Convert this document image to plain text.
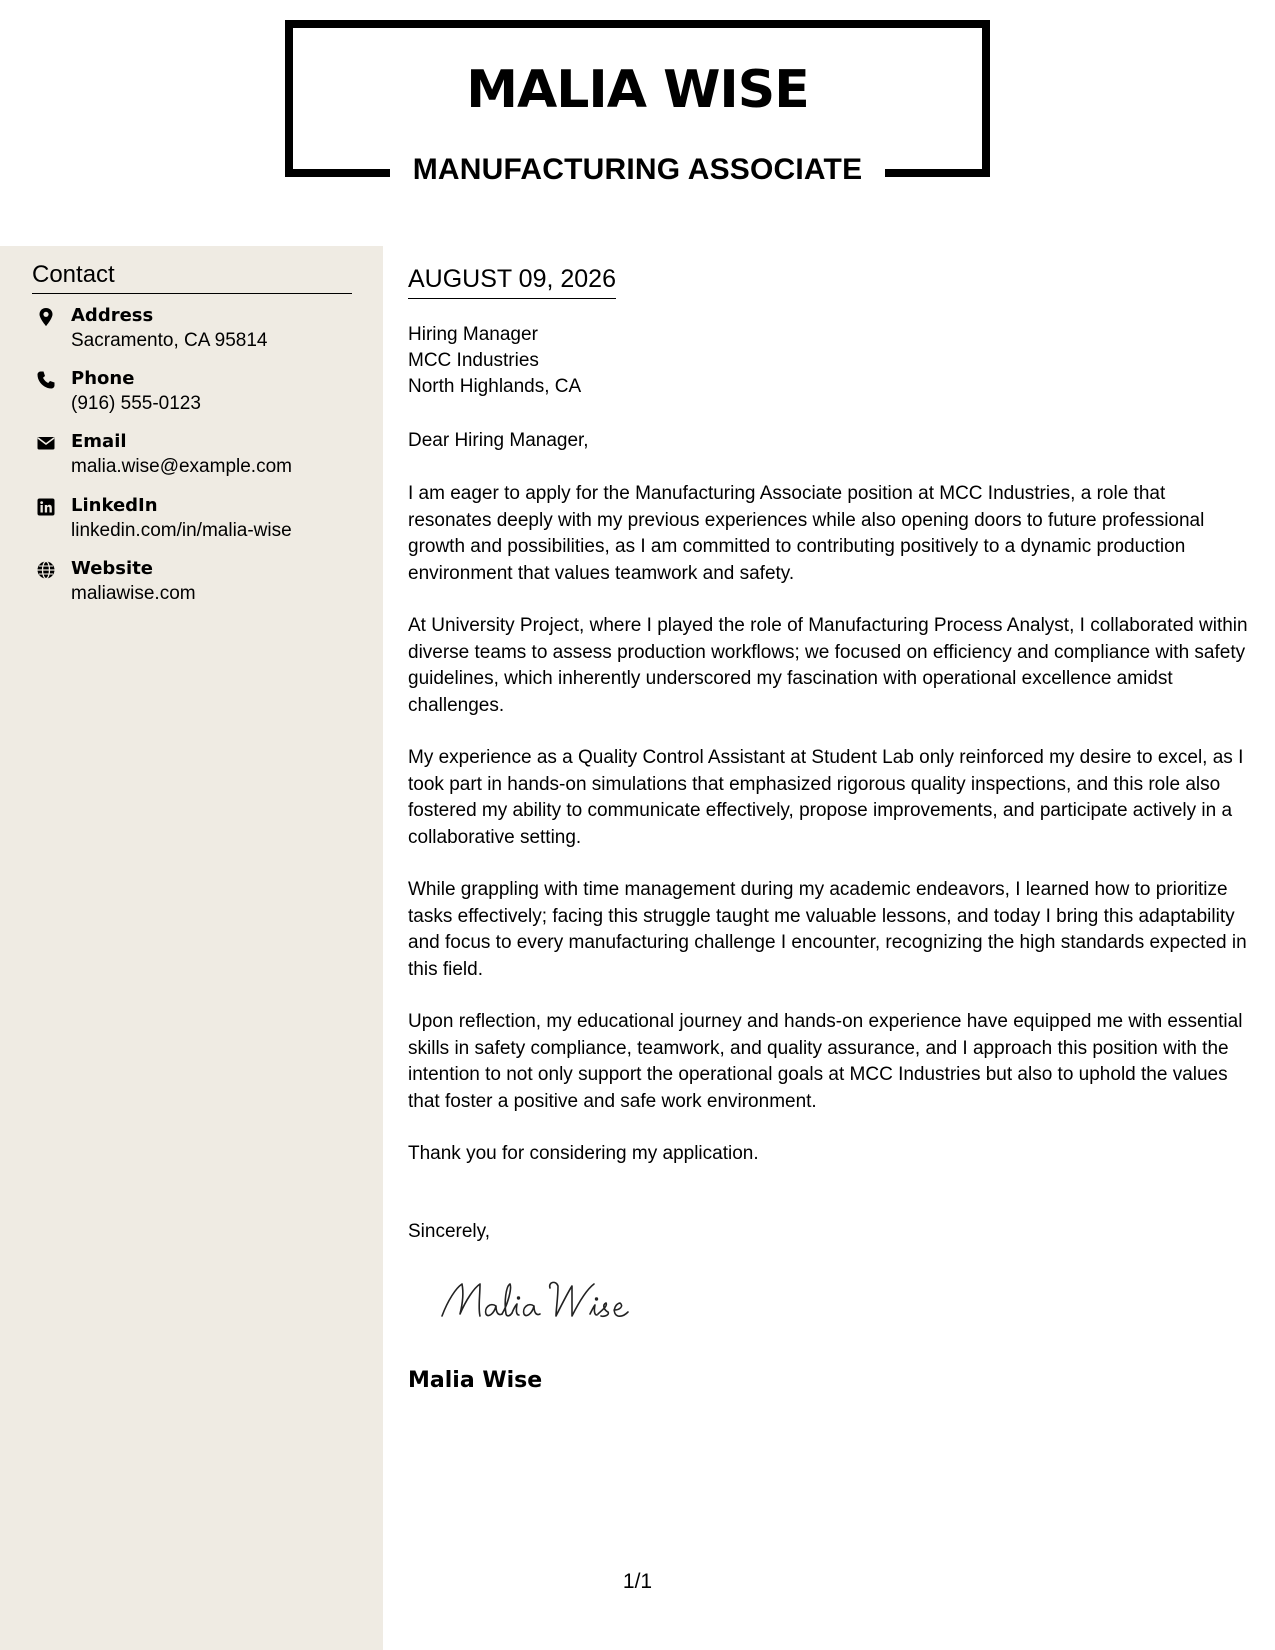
MALIA WISE
MANUFACTURING ASSOCIATE
Contact
Address
Sacramento, CA 95814
Phone
(916) 555-0123
Email
malia.wise@example.com
LinkedIn
linkedin.com/in/malia-wise
Website
maliawise.com
AUGUST 09, 2026
Hiring Manager
MCC Industries
North Highlands, CA
Dear Hiring Manager,
I am eager to apply for the Manufacturing Associate position at MCC Industries, a role that resonates deeply with my previous experiences while also opening doors to future professional growth and possibilities, as I am committed to contributing positively to a dynamic production environment that values teamwork and safety.
At University Project, where I played the role of Manufacturing Process Analyst, I collaborated within diverse teams to assess production workflows; we focused on efficiency and compliance with safety guidelines, which inherently underscored my fascination with operational excellence amidst challenges.
My experience as a Quality Control Assistant at Student Lab only reinforced my desire to excel, as I took part in hands-on simulations that emphasized rigorous quality inspections, and this role also fostered my ability to communicate effectively, propose improvements, and participate actively in a collaborative setting.
While grappling with time management during my academic endeavors, I learned how to prioritize tasks effectively; facing this struggle taught me valuable lessons, and today I bring this adaptability and focus to every manufacturing challenge I encounter, recognizing the high standards expected in this field.
Upon reflection, my educational journey and hands-on experience have equipped me with essential skills in safety compliance, teamwork, and quality assurance, and I approach this position with the intention to not only support the operational goals at MCC Industries but also to uphold the values that foster a positive and safe work environment.
Thank you for considering my application.
Sincerely,
Malia Wise
1/1
